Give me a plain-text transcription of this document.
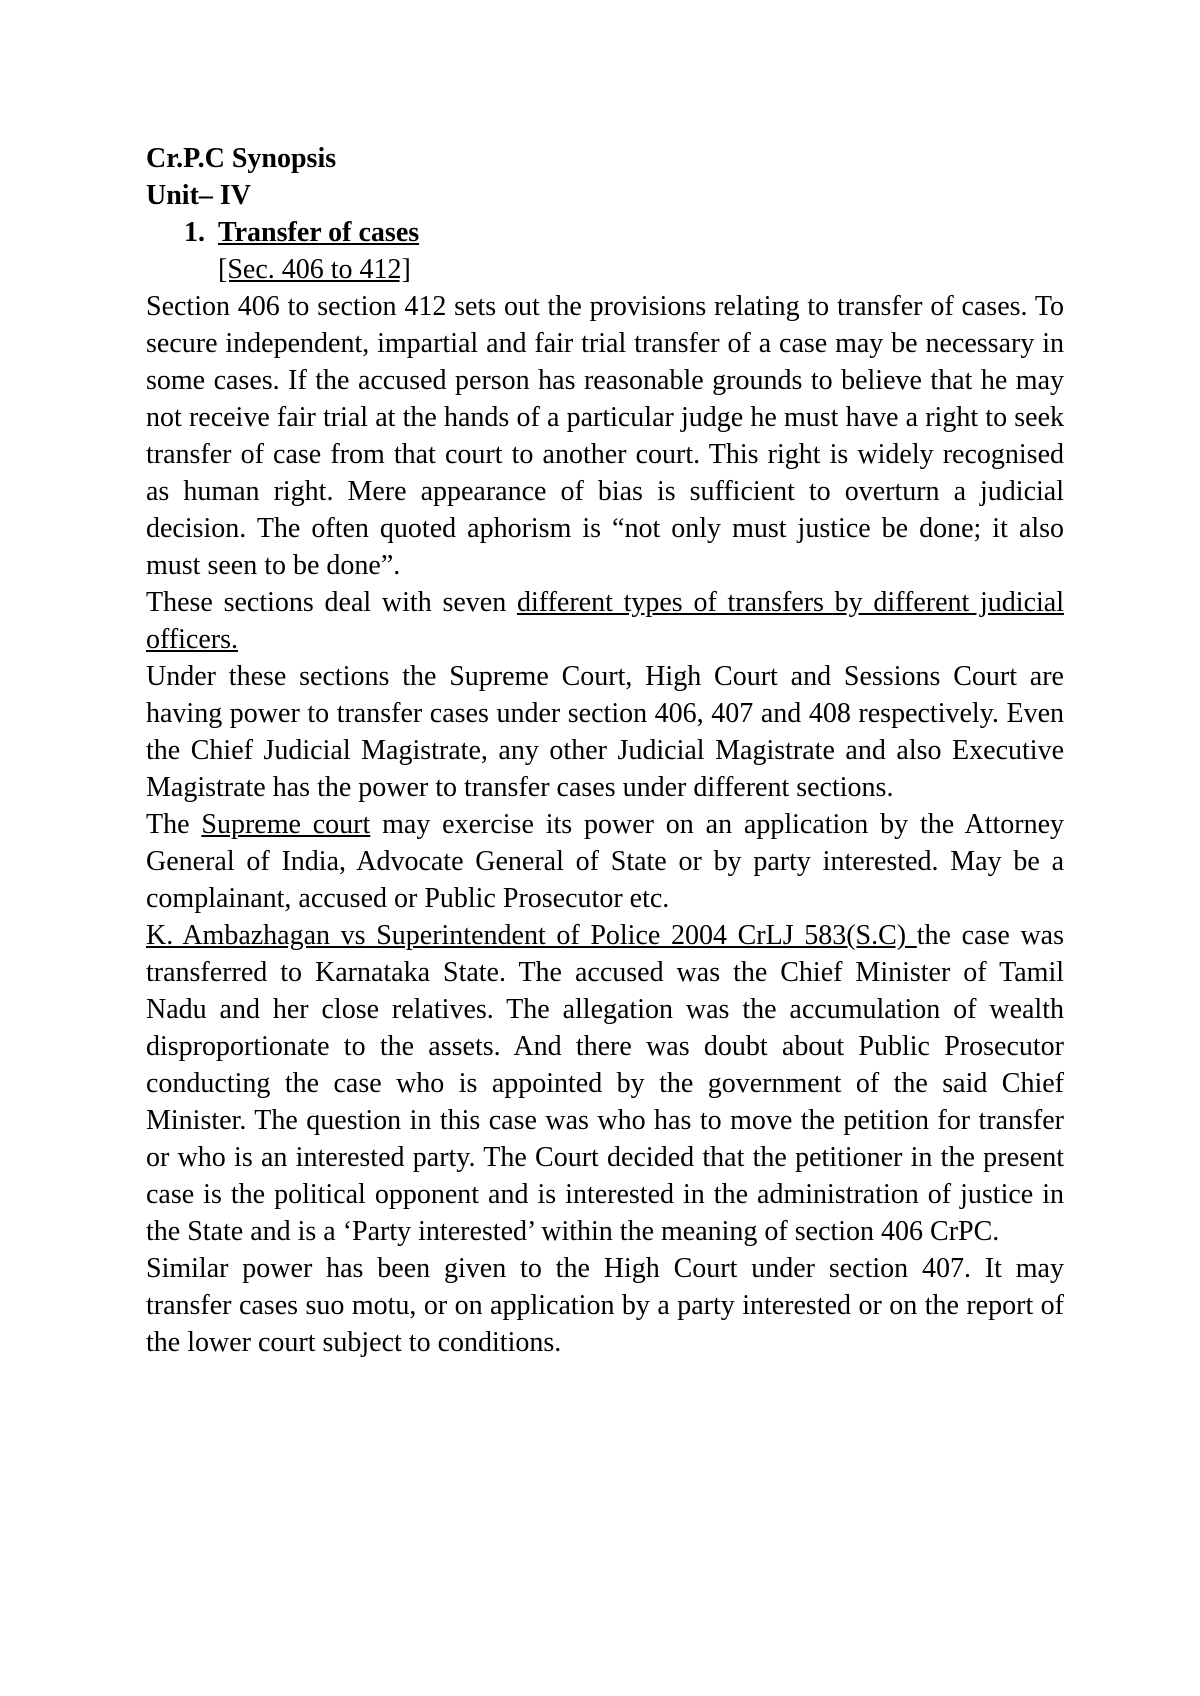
Cr.P.C Synopsis
Unit– IV
1. Transfer of cases
[Sec. 406 to 412]

Section 406 to section 412 sets out the provisions relating to transfer of cases. To secure independent, impartial and fair trial transfer of a case may be necessary in some cases. If the accused person has reasonable grounds to believe that he may not receive fair trial at the hands of a particular judge he must have a right to seek transfer of case from that court to another court. This right is widely recognised as human right. Mere appearance of bias is sufficient to overturn a judicial decision. The often quoted aphorism is “not only must justice be done; it also must seen to be done”.

These sections deal with seven different types of transfers by different judicial officers.

Under these sections the Supreme Court, High Court and Sessions Court are having power to transfer cases under section 406, 407 and 408 respectively. Even the Chief Judicial Magistrate, any other Judicial Magistrate and also Executive Magistrate has the power to transfer cases under different sections.

The Supreme court may exercise its power on an application by the Attorney General of India, Advocate General of State or by party interested. May be a complainant, accused or Public Prosecutor etc.

K. Ambazhagan vs Superintendent of Police 2004 CrLJ 583(S.C) the case was transferred to Karnataka State. The accused was the Chief Minister of Tamil Nadu and her close relatives. The allegation was the accumulation of wealth disproportionate to the assets. And there was doubt about Public Prosecutor conducting the case who is appointed by the government of the said Chief Minister. The question in this case was who has to move the petition for transfer or who is an interested party. The Court decided that the petitioner in the present case is the political opponent and is interested in the administration of justice in the State and is a ‘Party interested’ within the meaning of section 406 CrPC.

Similar power has been given to the High Court under section 407. It may transfer cases suo motu, or on application by a party interested or on the report of the lower court subject to conditions.
